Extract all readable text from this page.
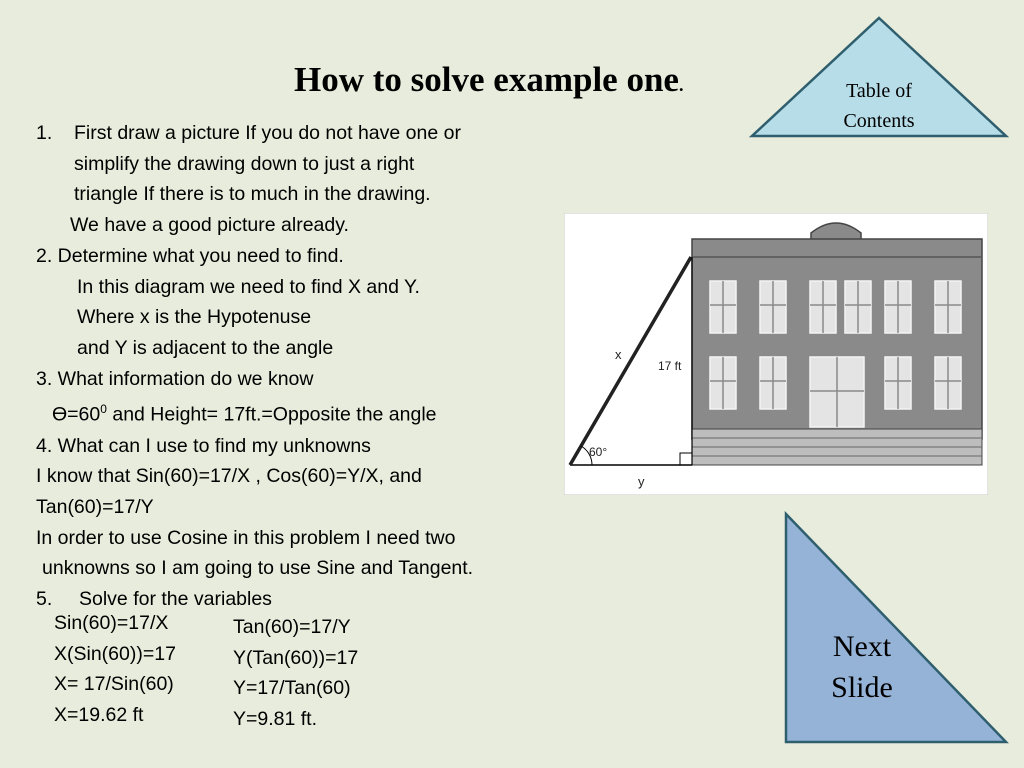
How to solve example one.	Table of
Contents
Next
Slide
1. First draw a picture If you do not have one or
simplify the drawing down to just a right
triangle If there is to much in the drawing.
We have a good picture already.
2. Determine what you need to find.
In this diagram we need to find X and Y.
Where x is the Hypotenuse
and Y is adjacent to the angle
3. What information do we know
$Ө=60^0$ and Height= 17ft.=Opposite the angle
4. What can I use to find my unknowns
I know that Sin(60)=17/X , Cos(60)=Y/X, and
Tan(60)=17/Y
In order to use Cosine in this problem I need two
unknowns so I am going to use Sine and Tangent.
5. Solve for the variables
Sin(60)=17/X
X(Sin(60))=17
X= 17/Sin(60)
X=19.62 ft
Tan(60)=17/Y
Y(Tan(60))=17
Y=17/Tan(60)
Y=9.81 ft.
x
17 ft
60°
y
